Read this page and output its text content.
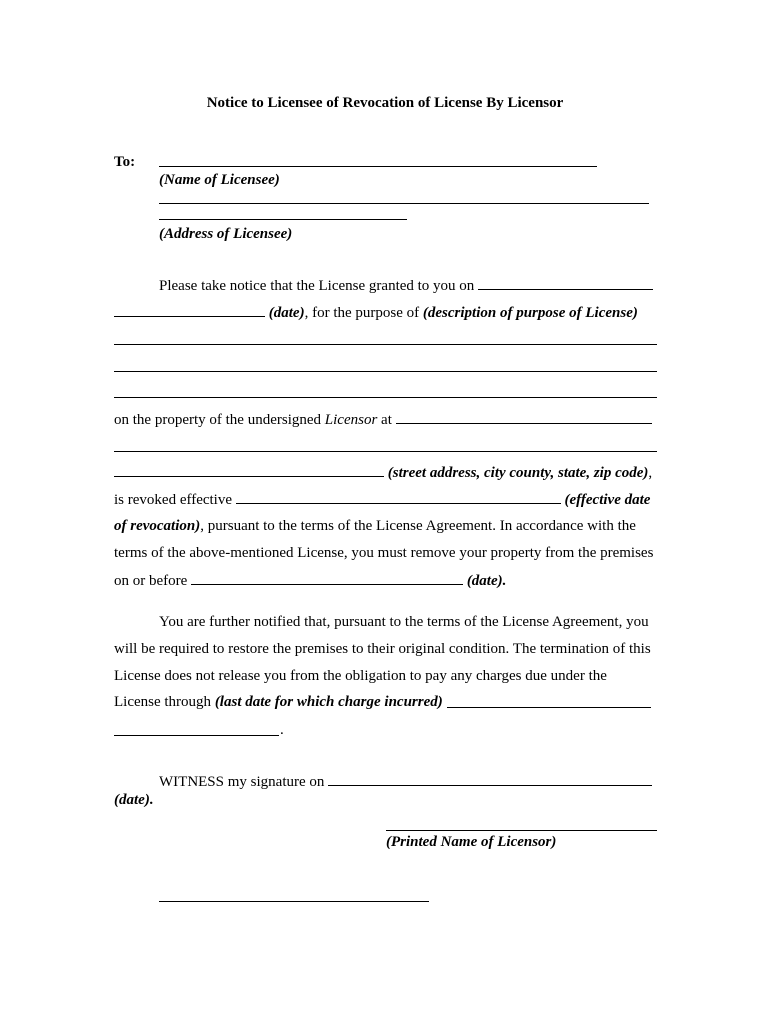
Notice to Licensee of Revocation of License By Licensor
To:
(Name of Licensee)
(Address of Licensee)
Please take notice that the License granted to you on
(date), for the purpose of (description of purpose of License)
on the property of the undersigned Licensor at
(street address, city county, state, zip code),
is revoked effective	(effective date
of revocation), pursuant to the terms of the License Agreement. In accordance with the
terms of the above-mentioned License, you must remove your property from the premises
on or before	(date).
You are further notified that, pursuant to the terms of the License Agreement, you
will be required to restore the premises to their original condition. The termination of this
License does not release you from the obligation to pay any charges due under the
License through (last date for which charge incurred)
.
WITNESS my signature on
(date).
(Printed Name of Licensor)
